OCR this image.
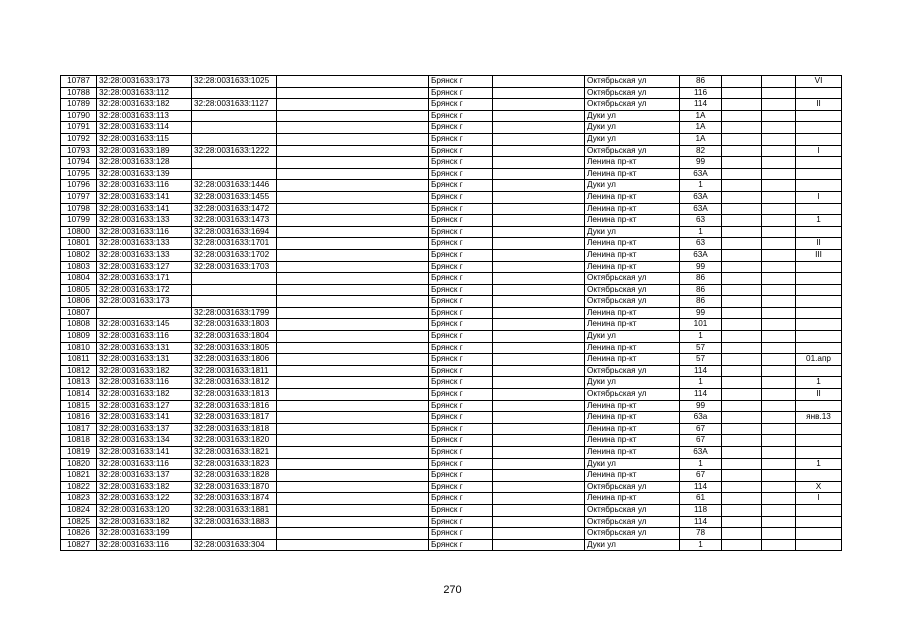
10787	32:28:0031633:173	32:28:0031633:1025		Брянск г		Октябрьская ул	86			VI
10788	32:28:0031633:112			Брянск г		Октябрьская ул	116			
10789	32:28:0031633:182	32:28:0031633:1127		Брянск г		Октябрьская ул	114			II
10790	32:28:0031633:113			Брянск г		Дуки ул	1А			
10791	32:28:0031633:114			Брянск г		Дуки ул	1А			
10792	32:28:0031633:115			Брянск г		Дуки ул	1А			
10793	32:28:0031633:189	32:28:0031633:1222		Брянск г		Октябрьская ул	82			I
10794	32:28:0031633:128			Брянск г		Ленина пр-кт	99			
10795	32:28:0031633:139			Брянск г		Ленина пр-кт	63А			
10796	32:28:0031633:116	32:28:0031633:1446		Брянск г		Дуки ул	1			
10797	32:28:0031633:141	32:28:0031633:1455		Брянск г		Ленина пр-кт	63А			I
10798	32:28:0031633:141	32:28:0031633:1472		Брянск г		Ленина пр-кт	63А			
10799	32:28:0031633:133	32:28:0031633:1473		Брянск г		Ленина пр-кт	63			1
10800	32:28:0031633:116	32:28:0031633:1694		Брянск г		Дуки ул	1			
10801	32:28:0031633:133	32:28:0031633:1701		Брянск г		Ленина пр-кт	63			II
10802	32:28:0031633:133	32:28:0031633:1702		Брянск г		Ленина пр-кт	63А			III
10803	32:28:0031633:127	32:28:0031633:1703		Брянск г		Ленина пр-кт	99			
10804	32:28:0031633:171			Брянск г		Октябрьская ул	86			
10805	32:28:0031633:172			Брянск г		Октябрьская ул	86			
10806	32:28:0031633:173			Брянск г		Октябрьская ул	86			
10807		32:28:0031633:1799		Брянск г		Ленина пр-кт	99			
10808	32:28:0031633:145	32:28:0031633:1803		Брянск г		Ленина пр-кт	101			
10809	32:28:0031633:116	32:28:0031633:1804		Брянск г		Дуки ул	1			
10810	32:28:0031633:131	32:28:0031633:1805		Брянск г		Ленина пр-кт	57			
10811	32:28:0031633:131	32:28:0031633:1806		Брянск г		Ленина пр-кт	57			01.апр
10812	32:28:0031633:182	32:28:0031633:1811		Брянск г		Октябрьская ул	114			
10813	32:28:0031633:116	32:28:0031633:1812		Брянск г		Дуки ул	1			1
10814	32:28:0031633:182	32:28:0031633:1813		Брянск г		Октябрьская ул	114			II
10815	32:28:0031633:127	32:28:0031633:1816		Брянск г		Ленина пр-кт	99			
10816	32:28:0031633:141	32:28:0031633:1817		Брянск г		Ленина пр-кт	63а			янв.13
10817	32:28:0031633:137	32:28:0031633:1818		Брянск г		Ленина пр-кт	67			
10818	32:28:0031633:134	32:28:0031633:1820		Брянск г		Ленина пр-кт	67			
10819	32:28:0031633:141	32:28:0031633:1821		Брянск г		Ленина пр-кт	63А			
10820	32:28:0031633:116	32:28:0031633:1823		Брянск г		Дуки ул	1			1
10821	32:28:0031633:137	32:28:0031633:1828		Брянск г		Ленина пр-кт	67			
10822	32:28:0031633:182	32:28:0031633:1870		Брянск г		Октябрьская ул	114			X
10823	32:28:0031633:122	32:28:0031633:1874		Брянск г		Ленина пр-кт	61			I
10824	32:28:0031633:120	32:28:0031633:1881		Брянск г		Октябрьская ул	118			
10825	32:28:0031633:182	32:28:0031633:1883		Брянск г		Октябрьская ул	114			
10826	32:28:0031633:199			Брянск г		Октябрьская ул	78			
10827	32:28:0031633:116	32:28:0031633:304		Брянск г		Дуки ул	1			
270
